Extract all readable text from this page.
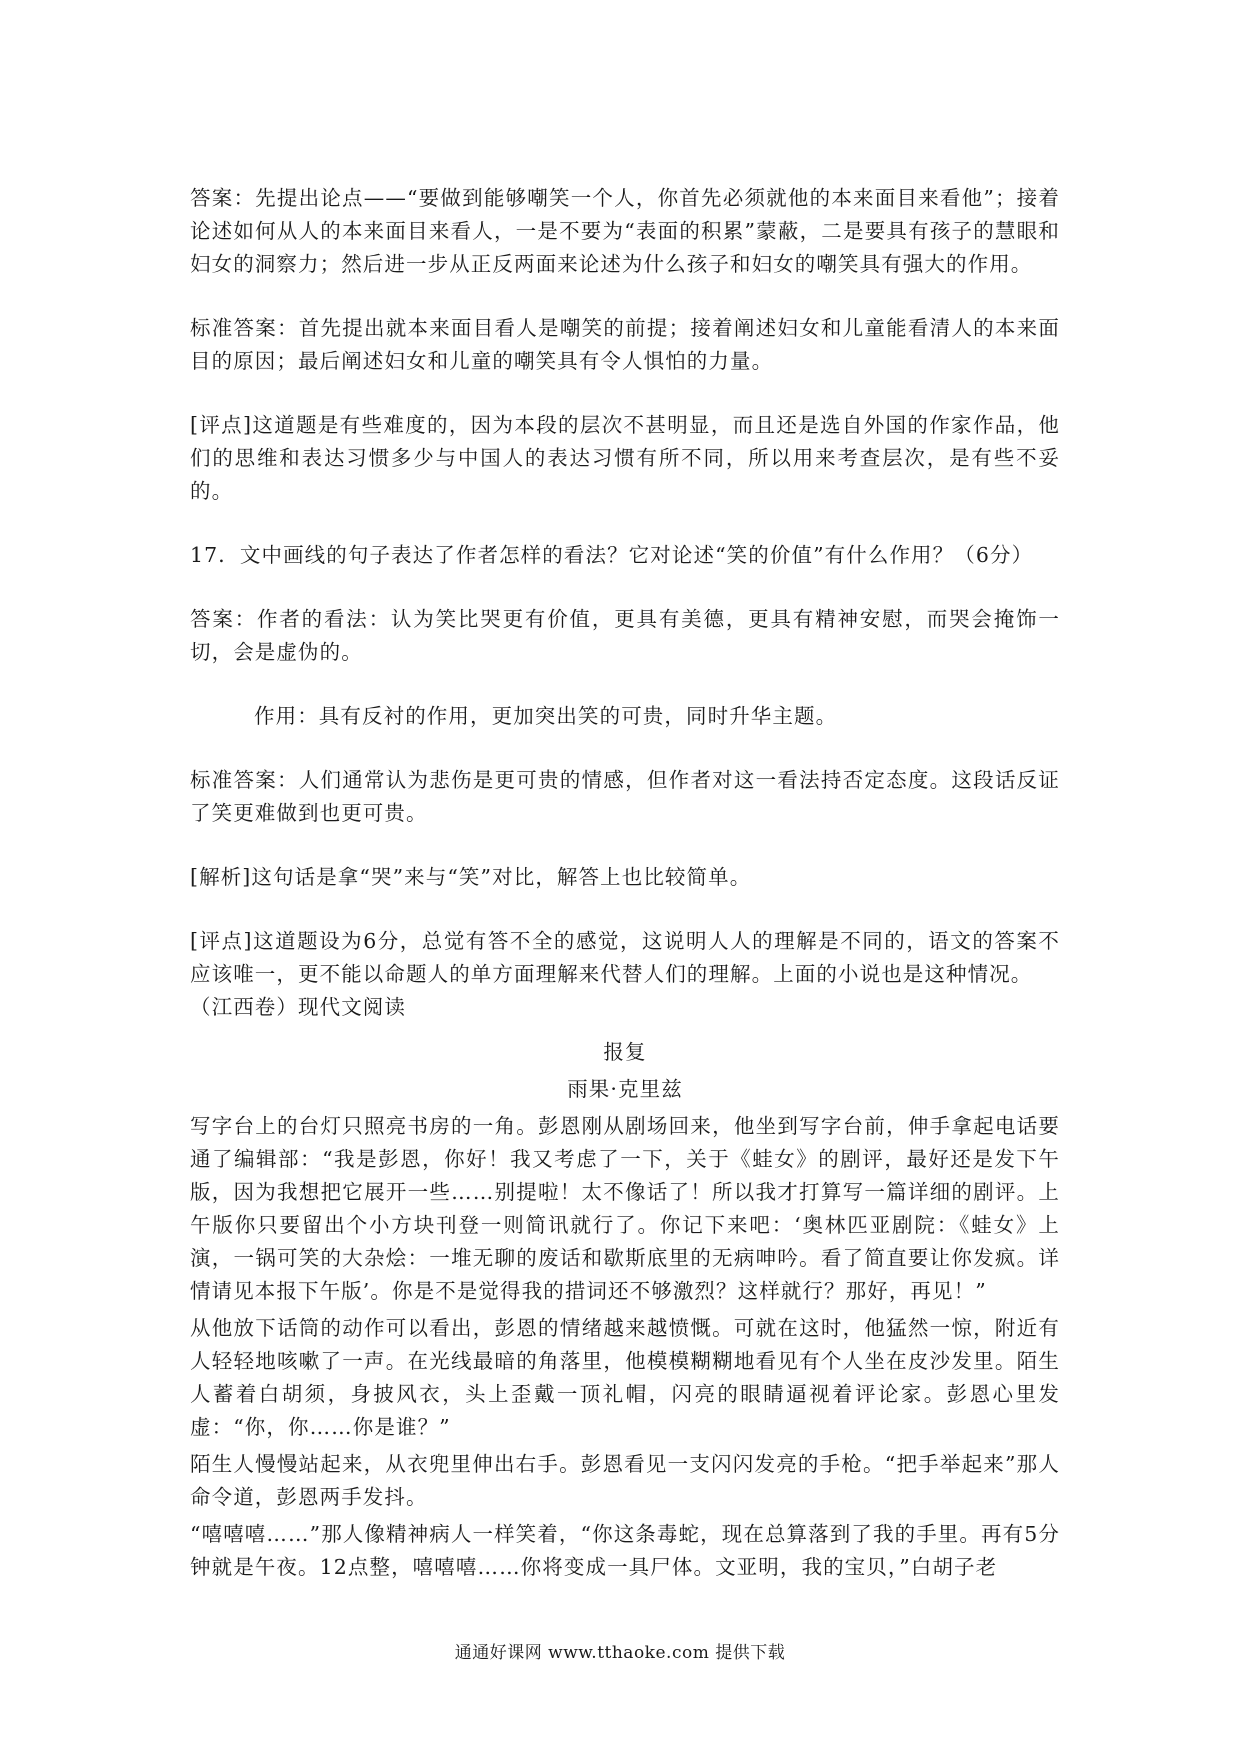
答案：先提出论点——“要做到能够嘲笑一个人，你首先必须就他的本来面目来看他”；接着论述如何从人的本来面目来看人，一是不要为“表面的积累”蒙蔽，二是要具有孩子的慧眼和妇女的洞察力；然后进一步从正反两面来论述为什么孩子和妇女的嘲笑具有强大的作用。

标准答案：首先提出就本来面目看人是嘲笑的前提；接着阐述妇女和儿童能看清人的本来面目的原因；最后阐述妇女和儿童的嘲笑具有令人惧怕的力量。

[评点]这道题是有些难度的，因为本段的层次不甚明显，而且还是选自外国的作家作品，他们的思维和表达习惯多少与中国人的表达习惯有所不同，所以用来考查层次，是有些不妥的。

17．文中画线的句子表达了作者怎样的看法？它对论述“笑的价值”有什么作用？（6分）

答案：作者的看法：认为笑比哭更有价值，更具有美德，更具有精神安慰，而哭会掩饰一切，会是虚伪的。

作用：具有反衬的作用，更加突出笑的可贵，同时升华主题。

标准答案：人们通常认为悲伤是更可贵的情感，但作者对这一看法持否定态度。这段话反证了笑更难做到也更可贵。

[解析]这句话是拿“哭”来与“笑”对比，解答上也比较简单。

[评点]这道题设为6分，总觉有答不全的感觉，这说明人人的理解是不同的，语文的答案不应该唯一，更不能以命题人的单方面理解来代替人们的理解。上面的小说也是这种情况。

（江西卷）现代文阅读

报复

雨果·克里兹

写字台上的台灯只照亮书房的一角。彭恩刚从剧场回来，他坐到写字台前，伸手拿起电话要通了编辑部：“我是彭恩，你好！我又考虑了一下，关于《蛙女》的剧评，最好还是发下午版，因为我想把它展开一些……别提啦！太不像话了！所以我才打算写一篇详细的剧评。上午版你只要留出个小方块刊登一则简讯就行了。你记下来吧：‘奥林匹亚剧院：《蛙女》上演，一锅可笑的大杂烩：一堆无聊的废话和歇斯底里的无病呻吟。看了简直要让你发疯。详情请见本报下午版’。你是不是觉得我的措词还不够激烈？这样就行？那好，再见！”

从他放下话筒的动作可以看出，彭恩的情绪越来越愤慨。可就在这时，他猛然一惊，附近有人轻轻地咳嗽了一声。在光线最暗的角落里，他模模糊糊地看见有个人坐在皮沙发里。陌生人蓄着白胡须，身披风衣，头上歪戴一顶礼帽，闪亮的眼睛逼视着评论家。彭恩心里发虚：“你，你……你是谁？”

陌生人慢慢站起来，从衣兜里伸出右手。彭恩看见一支闪闪发亮的手枪。“把手举起来”那人命令道，彭恩两手发抖。

“嘻嘻嘻……”那人像精神病人一样笑着，“你这条毒蛇，现在总算落到了我的手里。再有5分钟就是午夜。12点整，嘻嘻嘻……你将变成一具尸体。文亚明，我的宝贝，”白胡子老

通通好课网 www.tthaoke.com 提供下载
